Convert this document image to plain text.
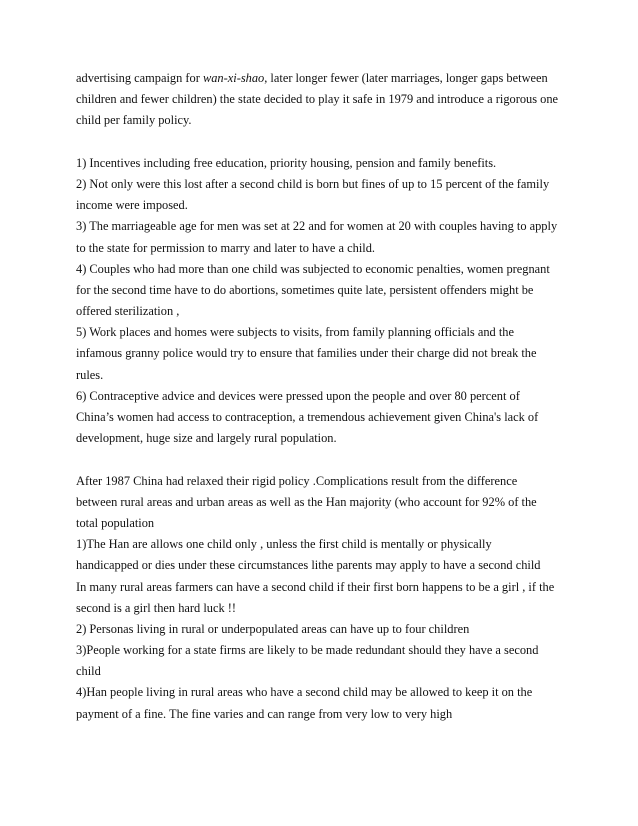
advertising campaign for wan-xi-shao, later longer fewer (later marriages, longer gaps between
children and fewer children) the state decided to play it safe in 1979 and introduce a rigorous one
child per family policy.
1) Incentives including free education, priority housing, pension and family benefits.
2) Not only were this lost after a second child is born but fines of up to 15 percent of the family
income were imposed.
3) The marriageable age for men was set at 22 and for women at 20 with couples having to apply
to the state for permission to marry and later to have a child.
4) Couples who had more than one child was subjected to economic penalties, women pregnant
for the second time have to do abortions, sometimes quite late, persistent offenders might be
offered sterilization ,
5) Work places and homes were subjects to visits, from family planning officials and the
infamous granny police would try to ensure that families under their charge did not break the
rules.
6) Contraceptive advice and devices were pressed upon the people and over 80 percent of
China’s women had access to contraception, a tremendous achievement given China's lack of
development, huge size and largely rural population.
After 1987 China had relaxed their rigid policy .Complications result from the difference
between rural areas and urban areas as well as the Han majority (who account for 92% of the
total population
1)The Han are allows one child only , unless the first child is mentally or physically
handicapped or dies under these circumstances lithe parents may apply to have a second child
In many rural areas farmers can have a second child if their first born happens to be a girl , if the
second is a girl then hard luck !!
2) Personas living in rural or underpopulated areas can have up to four children
3)People working for a state firms are likely to be made redundant should they have a second
child
4)Han people living in rural areas who have a second child may be allowed to keep it on the
payment of a fine. The fine varies and can range from very low to very high
